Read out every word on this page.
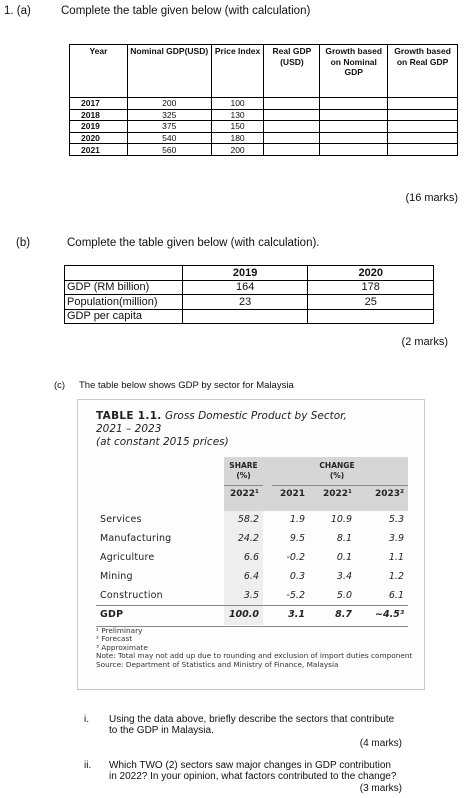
1. (a)	Complete the table given below (with calculation)
Year	Nominal GDP(USD)	Price Index	Real GDP (USD)	Growth based on Nominal GDP	Growth based on Real GDP
2017	200	100			
2018	325	130			
2019	375	150			
2020	540	180			
2021	560	200			
(16 marks)
(b)	Complete the table given below (with calculation).
	2019	2020
GDP (RM billion)	164	178
Population(million)	23	25
GDP per capita		
(2 marks)
(c) The table below shows GDP by sector for Malaysia
TABLE 1.1. Gross Domestic Product by Sector,
2021 – 2023
(at constant 2015 prices)
SHARE
(%)
CHANGE
(%)
2022¹	2021	2022¹	2023²
Services	58.2	1.9	10.9	5.3
Manufacturing	24.2	9.5	8.1	3.9
Agriculture	6.6	-0.2	0.1	1.1
Mining	6.4	0.3	3.4	1.2
Construction	3.5	-5.2	5.0	6.1
GDP	100.0	3.1	8.7	~4.5³
¹ Preliminary
² Forecast
³ Approximate
Note: Total may not add up due to rounding and exclusion of import duties component
Source: Department of Statistics and Ministry of Finance, Malaysia
i. Using the data above, briefly describe the sectors that contribute
to the GDP in Malaysia.
(4 marks)
ii. Which TWO (2) sectors saw major changes in GDP contribution
in 2022? In your opinion, what factors contributed to the change?
(3 marks)
